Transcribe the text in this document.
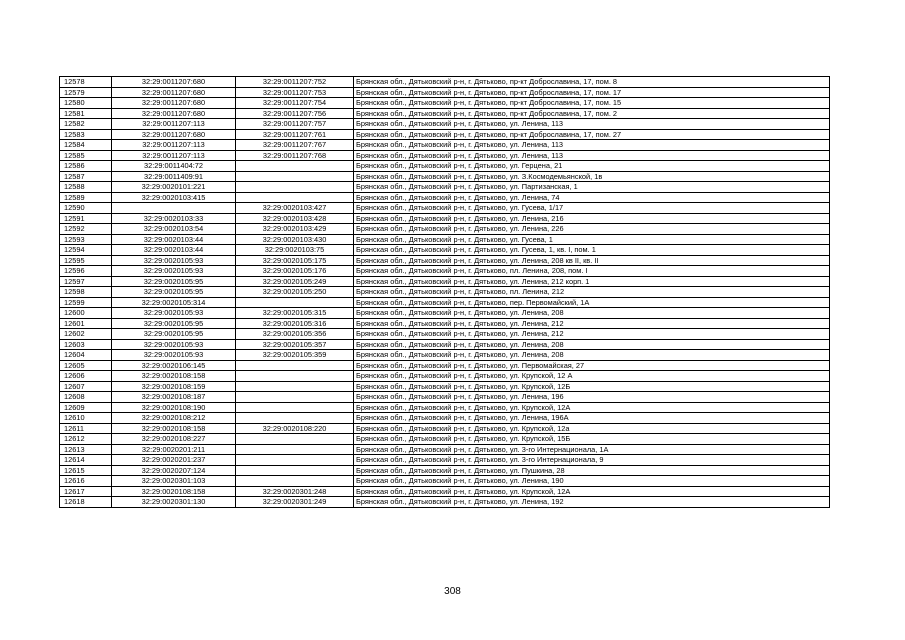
12578	32:29:0011207:680	32:29:0011207:752	Брянская обл., Дятьковский р-н, г. Дятьково, пр-кт Доброславина, 17, пом. 8
12579	32:29:0011207:680	32:29:0011207:753	Брянская обл., Дятьковский р-н, г. Дятьково, пр-кт Доброславина, 17, пом. 17
12580	32:29:0011207:680	32:29:0011207:754	Брянская обл., Дятьковский р-н, г. Дятьково, пр-кт Доброславина, 17, пом. 15
12581	32:29:0011207:680	32:29:0011207:756	Брянская обл., Дятьковский р-н, г. Дятьково, пр-кт Доброславина, 17, пом. 2
12582	32:29:0011207:113	32:29:0011207:757	Брянская обл., Дятьковский р-н, г. Дятьково, ул. Ленина, 113
12583	32:29:0011207:680	32:29:0011207:761	Брянская обл., Дятьковский р-н, г. Дятьково, пр-кт Доброславина, 17, пом. 27
12584	32:29:0011207:113	32:29:0011207:767	Брянская обл., Дятьковский р-н, г. Дятьково, ул. Ленина, 113
12585	32:29:0011207:113	32:29:0011207:768	Брянская обл., Дятьковский р-н, г. Дятьково, ул. Ленина, 113
12586	32:29:0011404:72		Брянская обл., Дятьковский р-н, г. Дятьково, ул. Герцена, 21
12587	32:29:0011409:91		Брянская обл., Дятьковский р-н, г. Дятьково, ул. З.Космодемьянской, 1в
12588	32:29:0020101:221		Брянская обл., Дятьковский р-н, г. Дятьково, ул. Партизанская, 1
12589	32:29:0020103:415		Брянская обл., Дятьковский р-н, г. Дятьково, ул. Ленина, 74
12590		32:29:0020103:427	Брянская обл., Дятьковский р-н, г. Дятьково, ул. Гусева, 1/17
12591	32:29:0020103:33	32:29:0020103:428	Брянская обл., Дятьковский р-н, г. Дятьково, ул. Ленина, 216
12592	32:29:0020103:54	32:29:0020103:429	Брянская обл., Дятьковский р-н, г. Дятьково, ул. Ленина, 226
12593	32:29:0020103:44	32:29:0020103:430	Брянская обл., Дятьковский р-н, г. Дятьково, ул. Гусева, 1
12594	32:29:0020103:44	32:29:0020103:75	Брянская обл., Дятьковский р-н, г. Дятьково, ул. Гусева, 1, кв. I, пом. 1
12595	32:29:0020105:93	32:29:0020105:175	Брянская обл., Дятьковский р-н, г. Дятьково, ул. Ленина, 208 кв II, кв. II
12596	32:29:0020105:93	32:29:0020105:176	Брянская обл., Дятьковский р-н, г. Дятьково, пл. Ленина, 208, пом. I
12597	32:29:0020105:95	32:29:0020105:249	Брянская обл., Дятьковский р-н, г. Дятьково, ул. Ленина, 212 корп. 1
12598	32:29:0020105:95	32:29:0020105:250	Брянская обл., Дятьковский р-н, г. Дятьково, пл. Ленина, 212
12599	32:29:0020105:314		Брянская обл., Дятьковский р-н, г. Дятьково, пер. Первомайский, 1А
12600	32:29:0020105:93	32:29:0020105:315	Брянская обл., Дятьковский р-н, г. Дятьково, ул. Ленина, 208
12601	32:29:0020105:95	32:29:0020105:316	Брянская обл., Дятьковский р-н, г. Дятьково, ул. Ленина, 212
12602	32:29:0020105:95	32:29:0020105:356	Брянская обл., Дятьковский р-н, г. Дятьково, ул. Ленина, 212
12603	32:29:0020105:93	32:29:0020105:357	Брянская обл., Дятьковский р-н, г. Дятьково, ул. Ленина, 208
12604	32:29:0020105:93	32:29:0020105:359	Брянская обл., Дятьковский р-н, г. Дятьково, ул. Ленина, 208
12605	32:29:0020106:145		Брянская обл., Дятьковский р-н, г. Дятьково, ул. Первомайская, 27
12606	32:29:0020108:158		Брянская обл., Дятьковский р-н, г. Дятьково, ул. Крупской, 12 А
12607	32:29:0020108:159		Брянская обл., Дятьковский р-н, г. Дятьково, ул. Крупской, 12Б
12608	32:29:0020108:187		Брянская обл., Дятьковский р-н, г. Дятьково, ул. Ленина, 196
12609	32:29:0020108:190		Брянская обл., Дятьковский р-н, г. Дятьково, ул. Крупской, 12А
12610	32:29:0020108:212		Брянская обл., Дятьковский р-н, г. Дятьково, ул. Ленина, 196А
12611	32:29:0020108:158	32:29:0020108:220	Брянская обл., Дятьковский р-н, г. Дятьково, ул. Крупской, 12а
12612	32:29:0020108:227		Брянская обл., Дятьковский р-н, г. Дятьково, ул. Крупской, 15Б
12613	32:29:0020201:211		Брянская обл., Дятьковский р-н, г. Дятьково, ул. 3-го Интернационала, 1А
12614	32:29:0020201:237		Брянская обл., Дятьковский р-н, г. Дятьково, ул. 3-го Интернационала, 9
12615	32:29:0020207:124		Брянская обл., Дятьковский р-н, г. Дятьково, ул. Пушкина, 28
12616	32:29:0020301:103		Брянская обл., Дятьковский р-н, г. Дятьково, ул. Ленина, 190
12617	32:29:0020108:158	32:29:0020301:248	Брянская обл., Дятьковский р-н, г. Дятьково, ул. Крупской, 12А
12618	32:29:0020301:130	32:29:0020301:249	Брянская обл., Дятьковский р-н, г. Дятьково, ул. Ленина, 192
308
